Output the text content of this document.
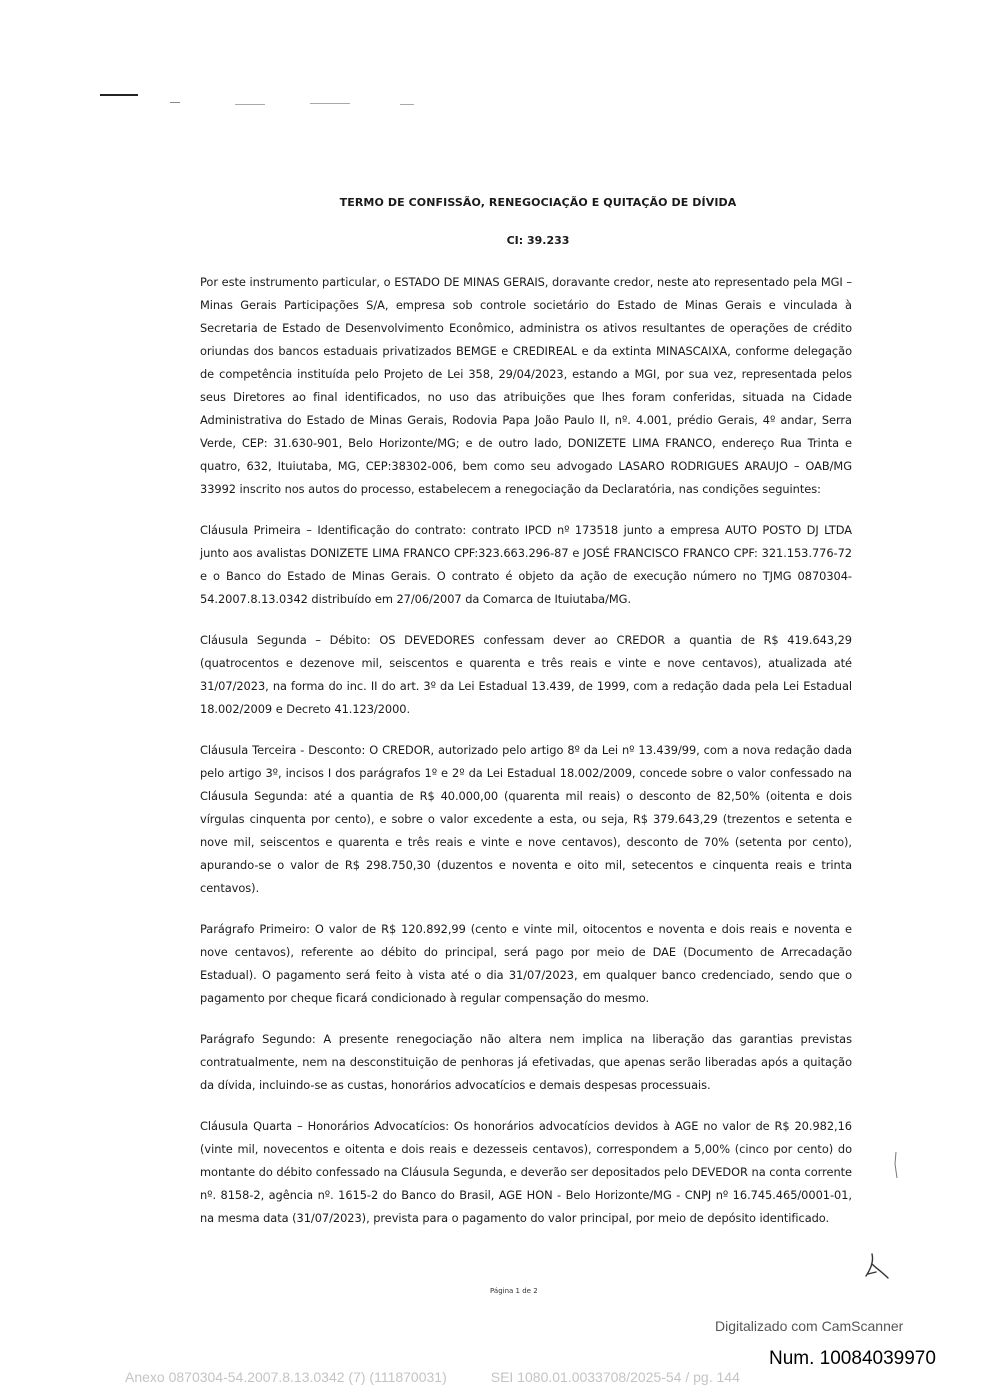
TERMO DE CONFISSÃO, RENEGOCIAÇÃO E QUITAÇÃO DE DÍVIDA
CI: 39.233

Por este instrumento particular, o ESTADO DE MINAS GERAIS, doravante credor, neste ato representado pela MGI – Minas Gerais Participações S/A, empresa sob controle societário do Estado de Minas Gerais e vinculada à Secretaria de Estado de Desenvolvimento Econômico, administra os ativos resultantes de operações de crédito oriundas dos bancos estaduais privatizados BEMGE e CREDIREAL e da extinta MINASCAIXA, conforme delegação de competência instituída pelo Projeto de Lei 358, 29/04/2023, estando a MGI, por sua vez, representada pelos seus Diretores ao final identificados, no uso das atribuições que lhes foram conferidas, situada na Cidade Administrativa do Estado de Minas Gerais, Rodovia Papa João Paulo II, nº. 4.001, prédio Gerais, 4º andar, Serra Verde, CEP: 31.630-901, Belo Horizonte/MG; e de outro lado, DONIZETE LIMA FRANCO, endereço Rua Trinta e quatro, 632, Ituiutaba, MG, CEP:38302-006, bem como seu advogado LASARO RODRIGUES ARAUJO – OAB/MG 33992 inscrito nos autos do processo, estabelecem a renegociação da Declaratória, nas condições seguintes:

Cláusula Primeira – Identificação do contrato: contrato IPCD nº 173518 junto a empresa AUTO POSTO DJ LTDA junto aos avalistas DONIZETE LIMA FRANCO CPF:323.663.296-87 e JOSÉ FRANCISCO FRANCO CPF: 321.153.776-72 e o Banco do Estado de Minas Gerais. O contrato é objeto da ação de execução número no TJMG 0870304-54.2007.8.13.0342 distribuído em 27/06/2007 da Comarca de Ituiutaba/MG.

Cláusula Segunda – Débito: OS DEVEDORES confessam dever ao CREDOR a quantia de R$ 419.643,29 (quatrocentos e dezenove mil, seiscentos e quarenta e três reais e vinte e nove centavos), atualizada até 31/07/2023, na forma do inc. II do art. 3º da Lei Estadual 13.439, de 1999, com a redação dada pela Lei Estadual 18.002/2009 e Decreto 41.123/2000.

Cláusula Terceira - Desconto: O CREDOR, autorizado pelo artigo 8º da Lei nº 13.439/99, com a nova redação dada pelo artigo 3º, incisos I dos parágrafos 1º e 2º da Lei Estadual 18.002/2009, concede sobre o valor confessado na Cláusula Segunda: até a quantia de R$ 40.000,00 (quarenta mil reais) o desconto de 82,50% (oitenta e dois vírgulas cinquenta por cento), e sobre o valor excedente a esta, ou seja, R$ 379.643,29 (trezentos e setenta e nove mil, seiscentos e quarenta e três reais e vinte e nove centavos), desconto de 70% (setenta por cento), apurando-se o valor de R$ 298.750,30 (duzentos e noventa e oito mil, setecentos e cinquenta reais e trinta centavos).

Parágrafo Primeiro: O valor de R$ 120.892,99 (cento e vinte mil, oitocentos e noventa e dois reais e noventa e nove centavos), referente ao débito do principal, será pago por meio de DAE (Documento de Arrecadação Estadual). O pagamento será feito à vista até o dia 31/07/2023, em qualquer banco credenciado, sendo que o pagamento por cheque ficará condicionado à regular compensação do mesmo.

Parágrafo Segundo: A presente renegociação não altera nem implica na liberação das garantias previstas contratualmente, nem na desconstituição de penhoras já efetivadas, que apenas serão liberadas após a quitação da dívida, incluindo-se as custas, honorários advocatícios e demais despesas processuais.

Cláusula Quarta – Honorários Advocatícios: Os honorários advocatícios devidos à AGE no valor de R$ 20.982,16 (vinte mil, novecentos e oitenta e dois reais e dezesseis centavos), correspondem a 5,00% (cinco por cento) do montante do débito confessado na Cláusula Segunda, e deverão ser depositados pelo DEVEDOR na conta corrente nº. 8158-2, agência nº. 1615-2 do Banco do Brasil, AGE HON - Belo Horizonte/MG - CNPJ nº 16.745.465/0001-01, na mesma data (31/07/2023), prevista para o pagamento do valor principal, por meio de depósito identificado.

Página 1 de 2
Digitalizado com CamScanner
Num. 10084039970
Anexo 0870304-54.2007.8.13.0342 (7) (111870031)	SEI 1080.01.0033708/2025-54 / pg. 144
